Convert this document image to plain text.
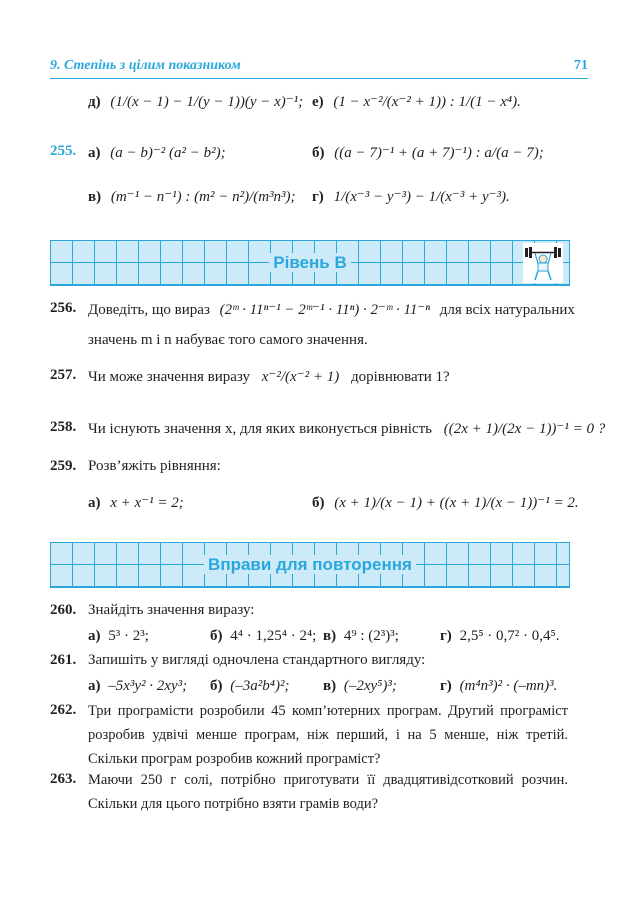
9. Степінь з цілим показником	71
д) (1/(x − 1) − 1/(y − 1))(y − x)⁻¹; е) (1 − x⁻²/(x⁻² + 1)) : 1/(1 − x⁴).
255. а) (a − b)⁻² (a² − b²);	б) ((a − 7)⁻¹ + (a + 7)⁻¹) : a/(a − 7);
в) (m⁻¹ − n⁻¹) : (m² − n²)/(m³n³); г) 1/(x⁻³ − y⁻³) − 1/(x⁻³ + y⁻³).
Рівень В
256. Доведіть, що вираз (2ᵐ · 11ⁿ⁻¹ − 2ᵐ⁻¹ · 11ⁿ) · 2⁻ᵐ · 11⁻ⁿ для всіх натуральних
значень m і n набуває того самого значення.
257. Чи може значення виразу x⁻²/(x⁻² + 1) дорівнювати 1?
258. Чи існують значення x, для яких виконується рівність ((2x + 1)/(2x − 1))⁻¹ = 0 ?
259. Розв’яжіть рівняння:
а) x + x⁻¹ = 2;	б) (x + 1)/(x − 1) + ((x + 1)/(x − 1))⁻¹ = 2.
Вправи для повторення
260. Знайдіть значення виразу:
а) 5³ · 2³;	б) 4⁴ · 1,25⁴ · 2⁴; в) 4⁹ : (2³)³;	г) 2,5⁵ · 0,7² · 0,4⁵.
261. Запишіть у вигляді одночлена стандартного вигляду:
а) –5x³y² · 2xy³; б) (–3a²b⁴)²; в) (–2xy⁵)³;	г) (m⁴n³)² · (–mn)³.
262. Три програмісти розробили 45 комп’ютерних програм. Другий програміст розробив удвічі менше програм, ніж перший, і на 5 менше, ніж третій. Скільки програм розробив кожний програміст?
263. Маючи 250 г солі, потрібно приготувати її двадцятивідсотковий розчин. Скільки для цього потрібно взяти грамів води?
